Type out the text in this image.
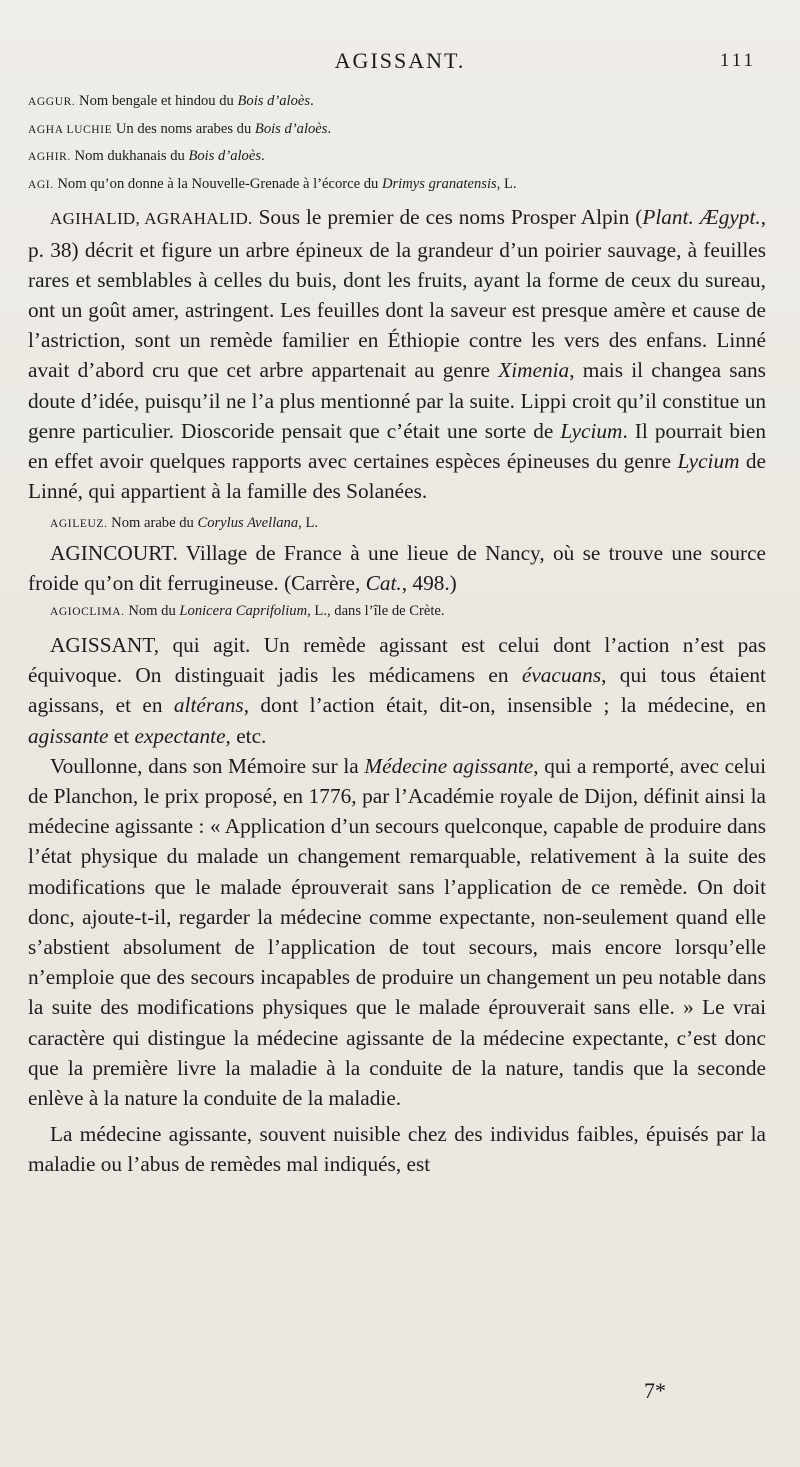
AGISSANT.	111

AGGUR. Nom bengale et hindou du Bois d’aloès.

AGHA LUCHIE Un des noms arabes du Bois d’aloès.

AGHIR. Nom dukhanais du Bois d’aloès.

AGI. Nom qu’on donne à la Nouvelle-Grenade à l’écorce du Drimys granatensis, L.

AGIHALID, AGRAHALID. Sous le premier de ces noms Prosper Alpin (Plant. Ægypt., p. 38) décrit et figure un arbre épineux de la grandeur d’un poirier sauvage, à feuilles rares et semblables à celles du buis, dont les fruits, ayant la forme de ceux du sureau, ont un goût amer, astringent. Les feuilles dont la saveur est presque amère et cause de l’astriction, sont un remède familier en Éthiopie contre les vers des enfans. Linné avait d’abord cru que cet arbre appartenait au genre Ximenia, mais il changea sans doute d’idée, puisqu’il ne l’a plus mentionné par la suite. Lippi croit qu’il constitue un genre particulier. Dioscoride pensait que c’était une sorte de Lycium. Il pourrait bien en effet avoir quelques rapports avec certaines espèces épineuses du genre Lycium de Linné, qui appartient à la famille des Solanées.

AGILEUZ. Nom arabe du Corylus Avellana, L.

AGINCOURT. Village de France à une lieue de Nancy, où se trouve une source froide qu’on dit ferrugineuse. (Carrère, Cat., 498.)

AGIOCLIMA. Nom du Lonicera Caprifolium, L., dans l’île de Crète.

AGISSANT, qui agit. Un remède agissant est celui dont l’action n’est pas équivoque. On distinguait jadis les médicamens en évacuans, qui tous étaient agissans, et en altérans, dont l’action était, dit-on, insensible ; la médecine, en agissante et expectante, etc.

Voullonne, dans son Mémoire sur la Médecine agissante, qui a remporté, avec celui de Planchon, le prix proposé, en 1776, par l’Académie royale de Dijon, définit ainsi la médecine agissante : « Application d’un secours quelconque, capable de produire dans l’état physique du malade un changement remarquable, relativement à la suite des modifications que le malade éprouverait sans l’application de ce remède. On doit donc, ajoute-t-il, regarder la médecine comme expectante, non-seulement quand elle s’abstient absolument de l’application de tout secours, mais encore lorsqu’elle n’emploie que des secours incapables de produire un changement un peu notable dans la suite des modifications physiques que le malade éprouverait sans elle. » Le vrai caractère qui distingue la médecine agissante de la médecine expectante, c’est donc que la première livre la maladie à la conduite de la nature, tandis que la seconde enlève à la nature la conduite de la maladie.

La médecine agissante, souvent nuisible chez des individus faibles, épuisés par la maladie ou l’abus de remèdes mal indiqués, est

7*
